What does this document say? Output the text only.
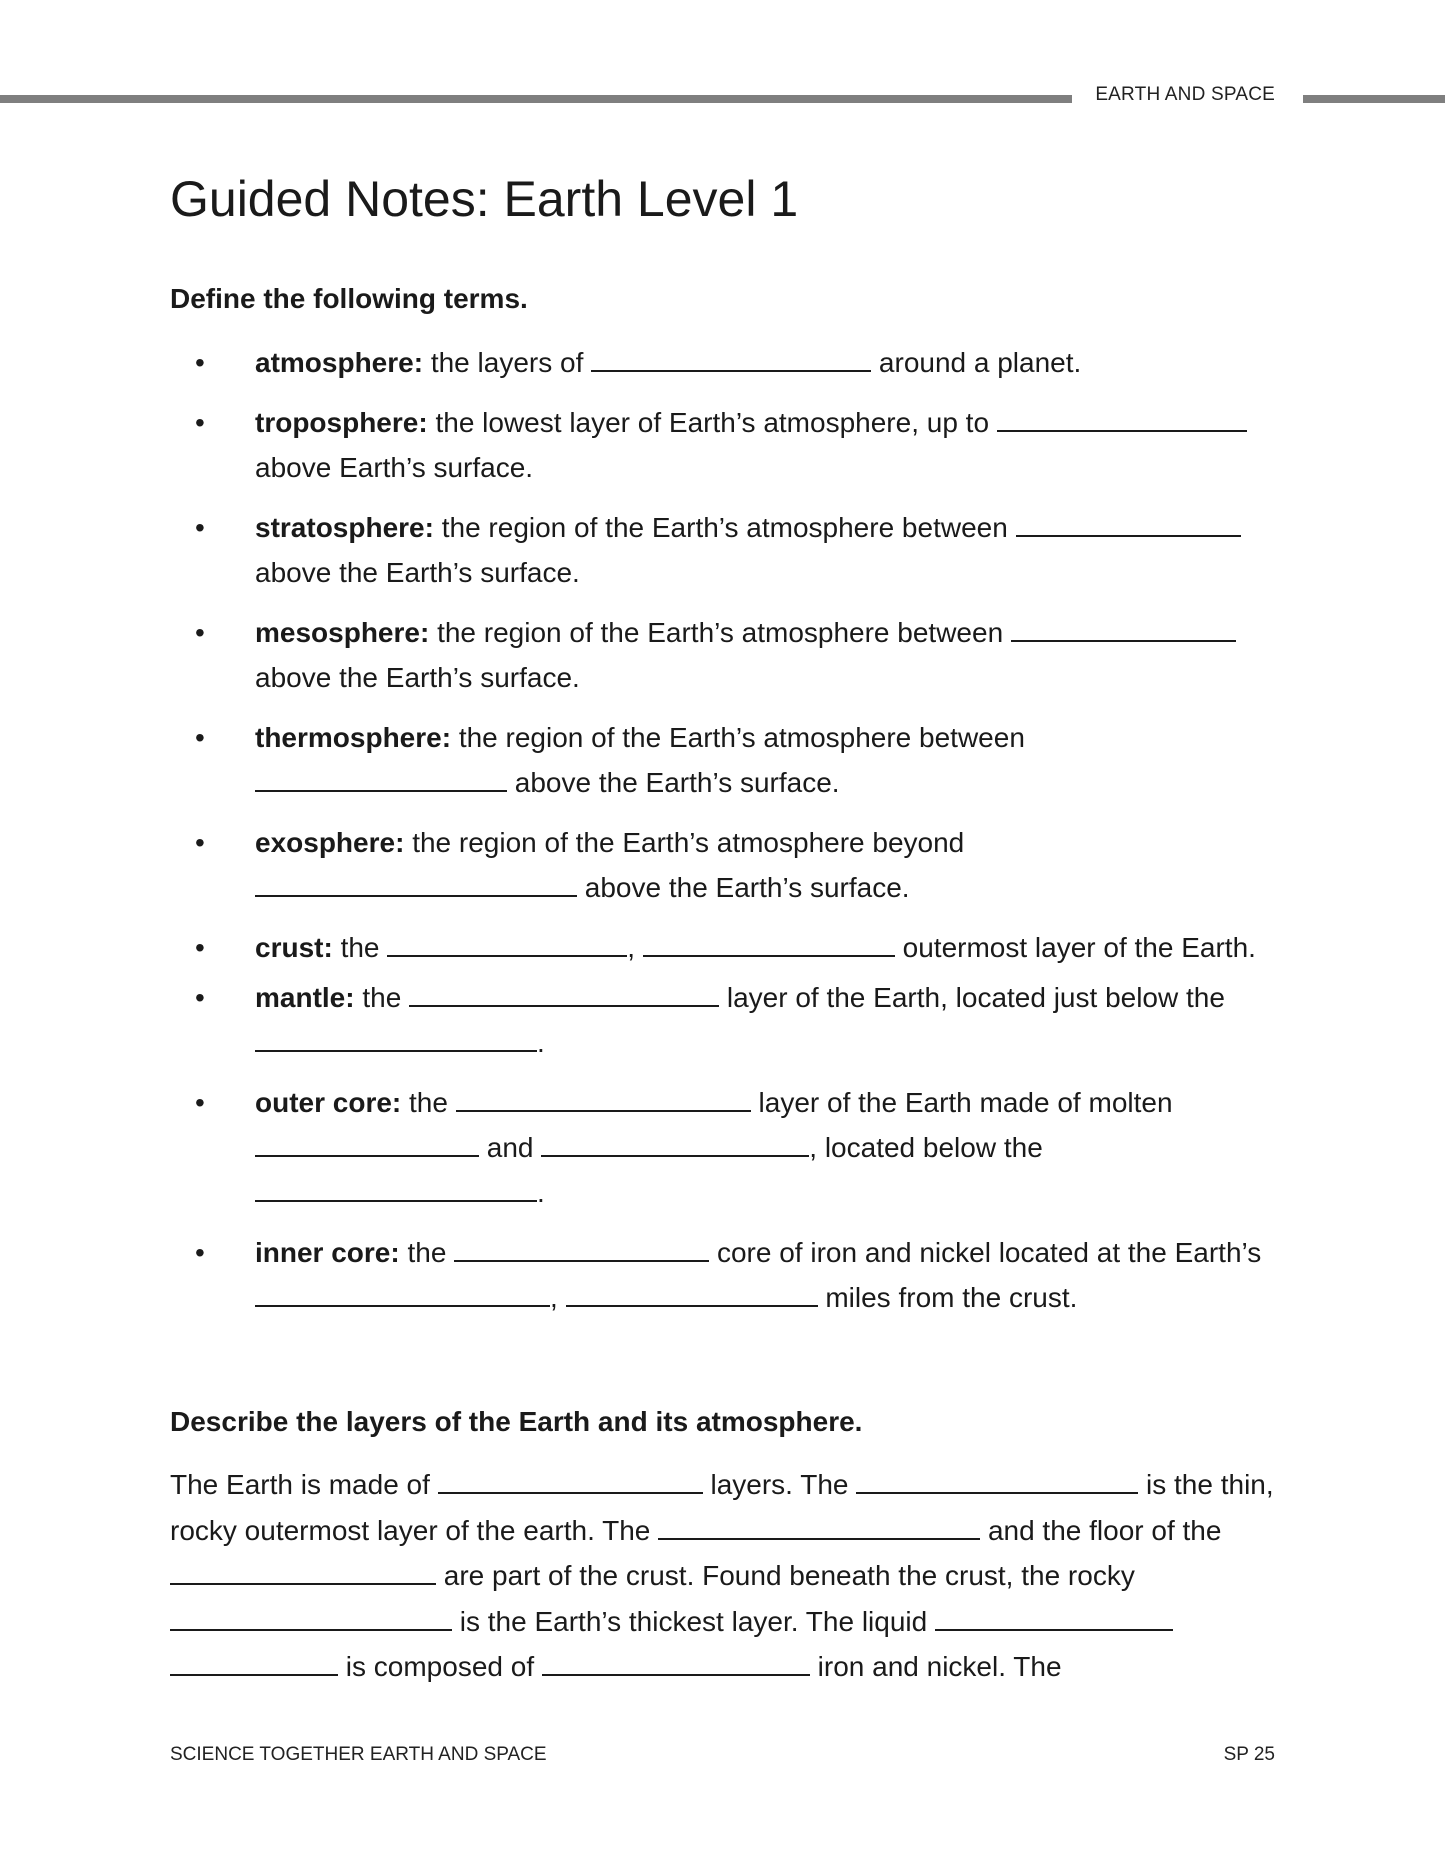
EARTH AND SPACE
Guided Notes: Earth Level 1
Define the following terms.
• atmosphere: the layers of	around a planet.
• troposphere: the lowest layer of Earth’s atmosphere, up to  above Earth’s surface.
• stratosphere: the region of the Earth’s atmosphere between  above the Earth’s surface.
• mesosphere: the region of the Earth’s atmosphere between  above the Earth’s surface.
• thermosphere: the region of the Earth’s atmosphere between
above the Earth’s surface.
• exosphere: the region of the Earth’s atmosphere beyond
above the Earth’s surface.
• crust: the	,	outermost layer of the Earth.
• mantle: the	layer of the Earth, located just below the
.
• outer core: the	layer of the Earth made of molten
and	, located below the
.
• inner core: the	core of iron and nickel located at the Earth’s ,	miles from the crust.
Describe the layers of the Earth and its atmosphere.

The Earth is made of	layers. The	is the thin, rocky outermost layer of the earth. The	and the floor of the  are part of the crust. Found beneath the crust, the rocky  is the Earth’s thickest layer. The liquid   is composed of	iron and nickel. The

SCIENCE TOGETHER EARTH AND SPACE	SP 25
